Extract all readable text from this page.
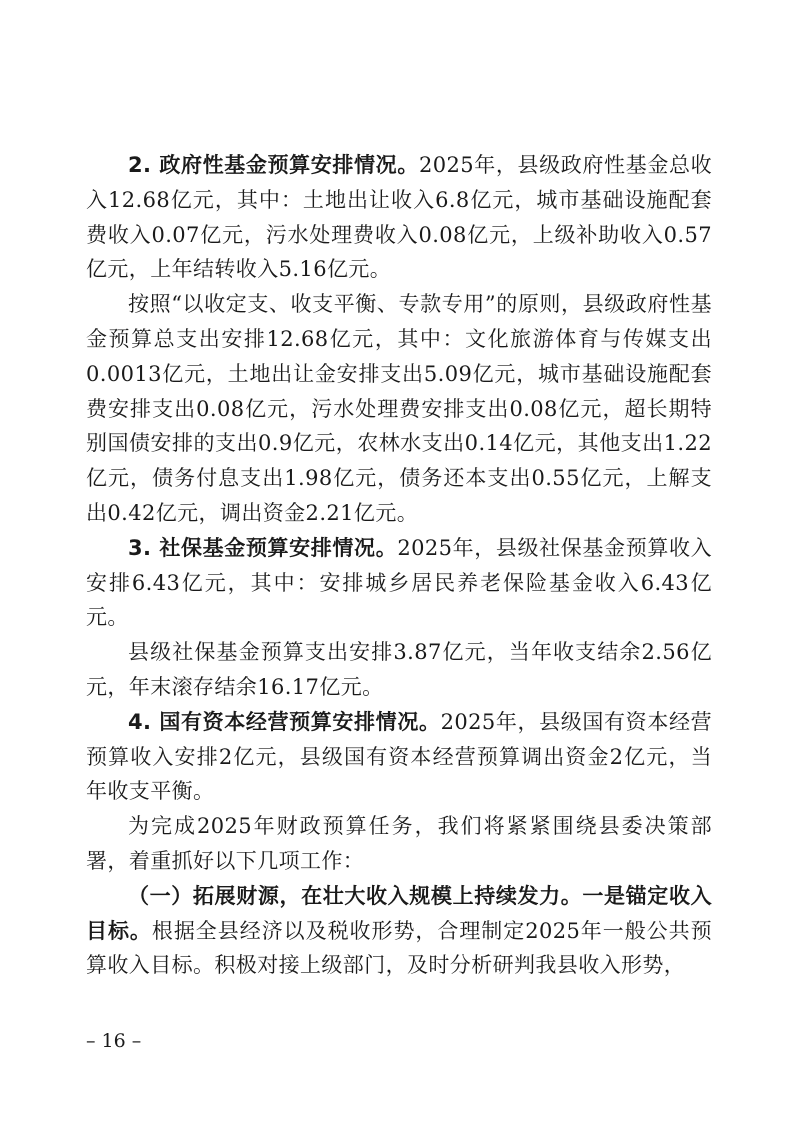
2. 政府性基金预算安排情况。2025年，县级政府性基金总收入12.68亿元，其中：土地出让收入6.8亿元，城市基础设施配套费收入0.07亿元，污水处理费收入0.08亿元，上级补助收入0.57亿元，上年结转收入5.16亿元。

按照“以收定支、收支平衡、专款专用”的原则，县级政府性基金预算总支出安排12.68亿元，其中：文化旅游体育与传媒支出0.0013亿元，土地出让金安排支出5.09亿元，城市基础设施配套费安排支出0.08亿元，污水处理费安排支出0.08亿元，超长期特别国债安排的支出0.9亿元，农林水支出0.14亿元，其他支出1.22亿元，债务付息支出1.98亿元，债务还本支出0.55亿元，上解支出0.42亿元，调出资金2.21亿元。

3. 社保基金预算安排情况。2025年，县级社保基金预算收入安排6.43亿元，其中：安排城乡居民养老保险基金收入6.43亿元。

县级社保基金预算支出安排3.87亿元，当年收支结余2.56亿元，年末滚存结余16.17亿元。

4. 国有资本经营预算安排情况。2025年，县级国有资本经营预算收入安排2亿元，县级国有资本经营预算调出资金2亿元，当年收支平衡。

为完成2025年财政预算任务，我们将紧紧围绕县委决策部署，着重抓好以下几项工作：

（一）拓展财源，在壮大收入规模上持续发力。一是锚定收入目标。根据全县经济以及税收形势，合理制定2025年一般公共预算收入目标。积极对接上级部门，及时分析研判我县收入形势，

– 16 –
